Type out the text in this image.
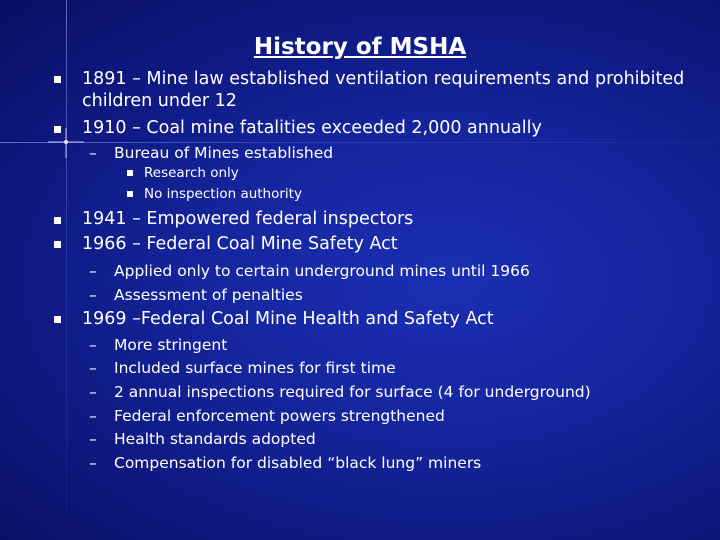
History of MSHA
1891 – Mine law established ventilation requirements and prohibited
children under 12
1910 – Coal mine fatalities exceeded 2,000 annually
– Bureau of Mines established
Research only
No inspection authority
1941 – Empowered federal inspectors
1966 – Federal Coal Mine Safety Act
– Applied only to certain underground mines until 1966
– Assessment of penalties
1969 –Federal Coal Mine Health and Safety Act
– More stringent
– Included surface mines for first time
– 2 annual inspections required for surface (4 for underground)
– Federal enforcement powers strengthened
– Health standards adopted
– Compensation for disabled “black lung” miners
